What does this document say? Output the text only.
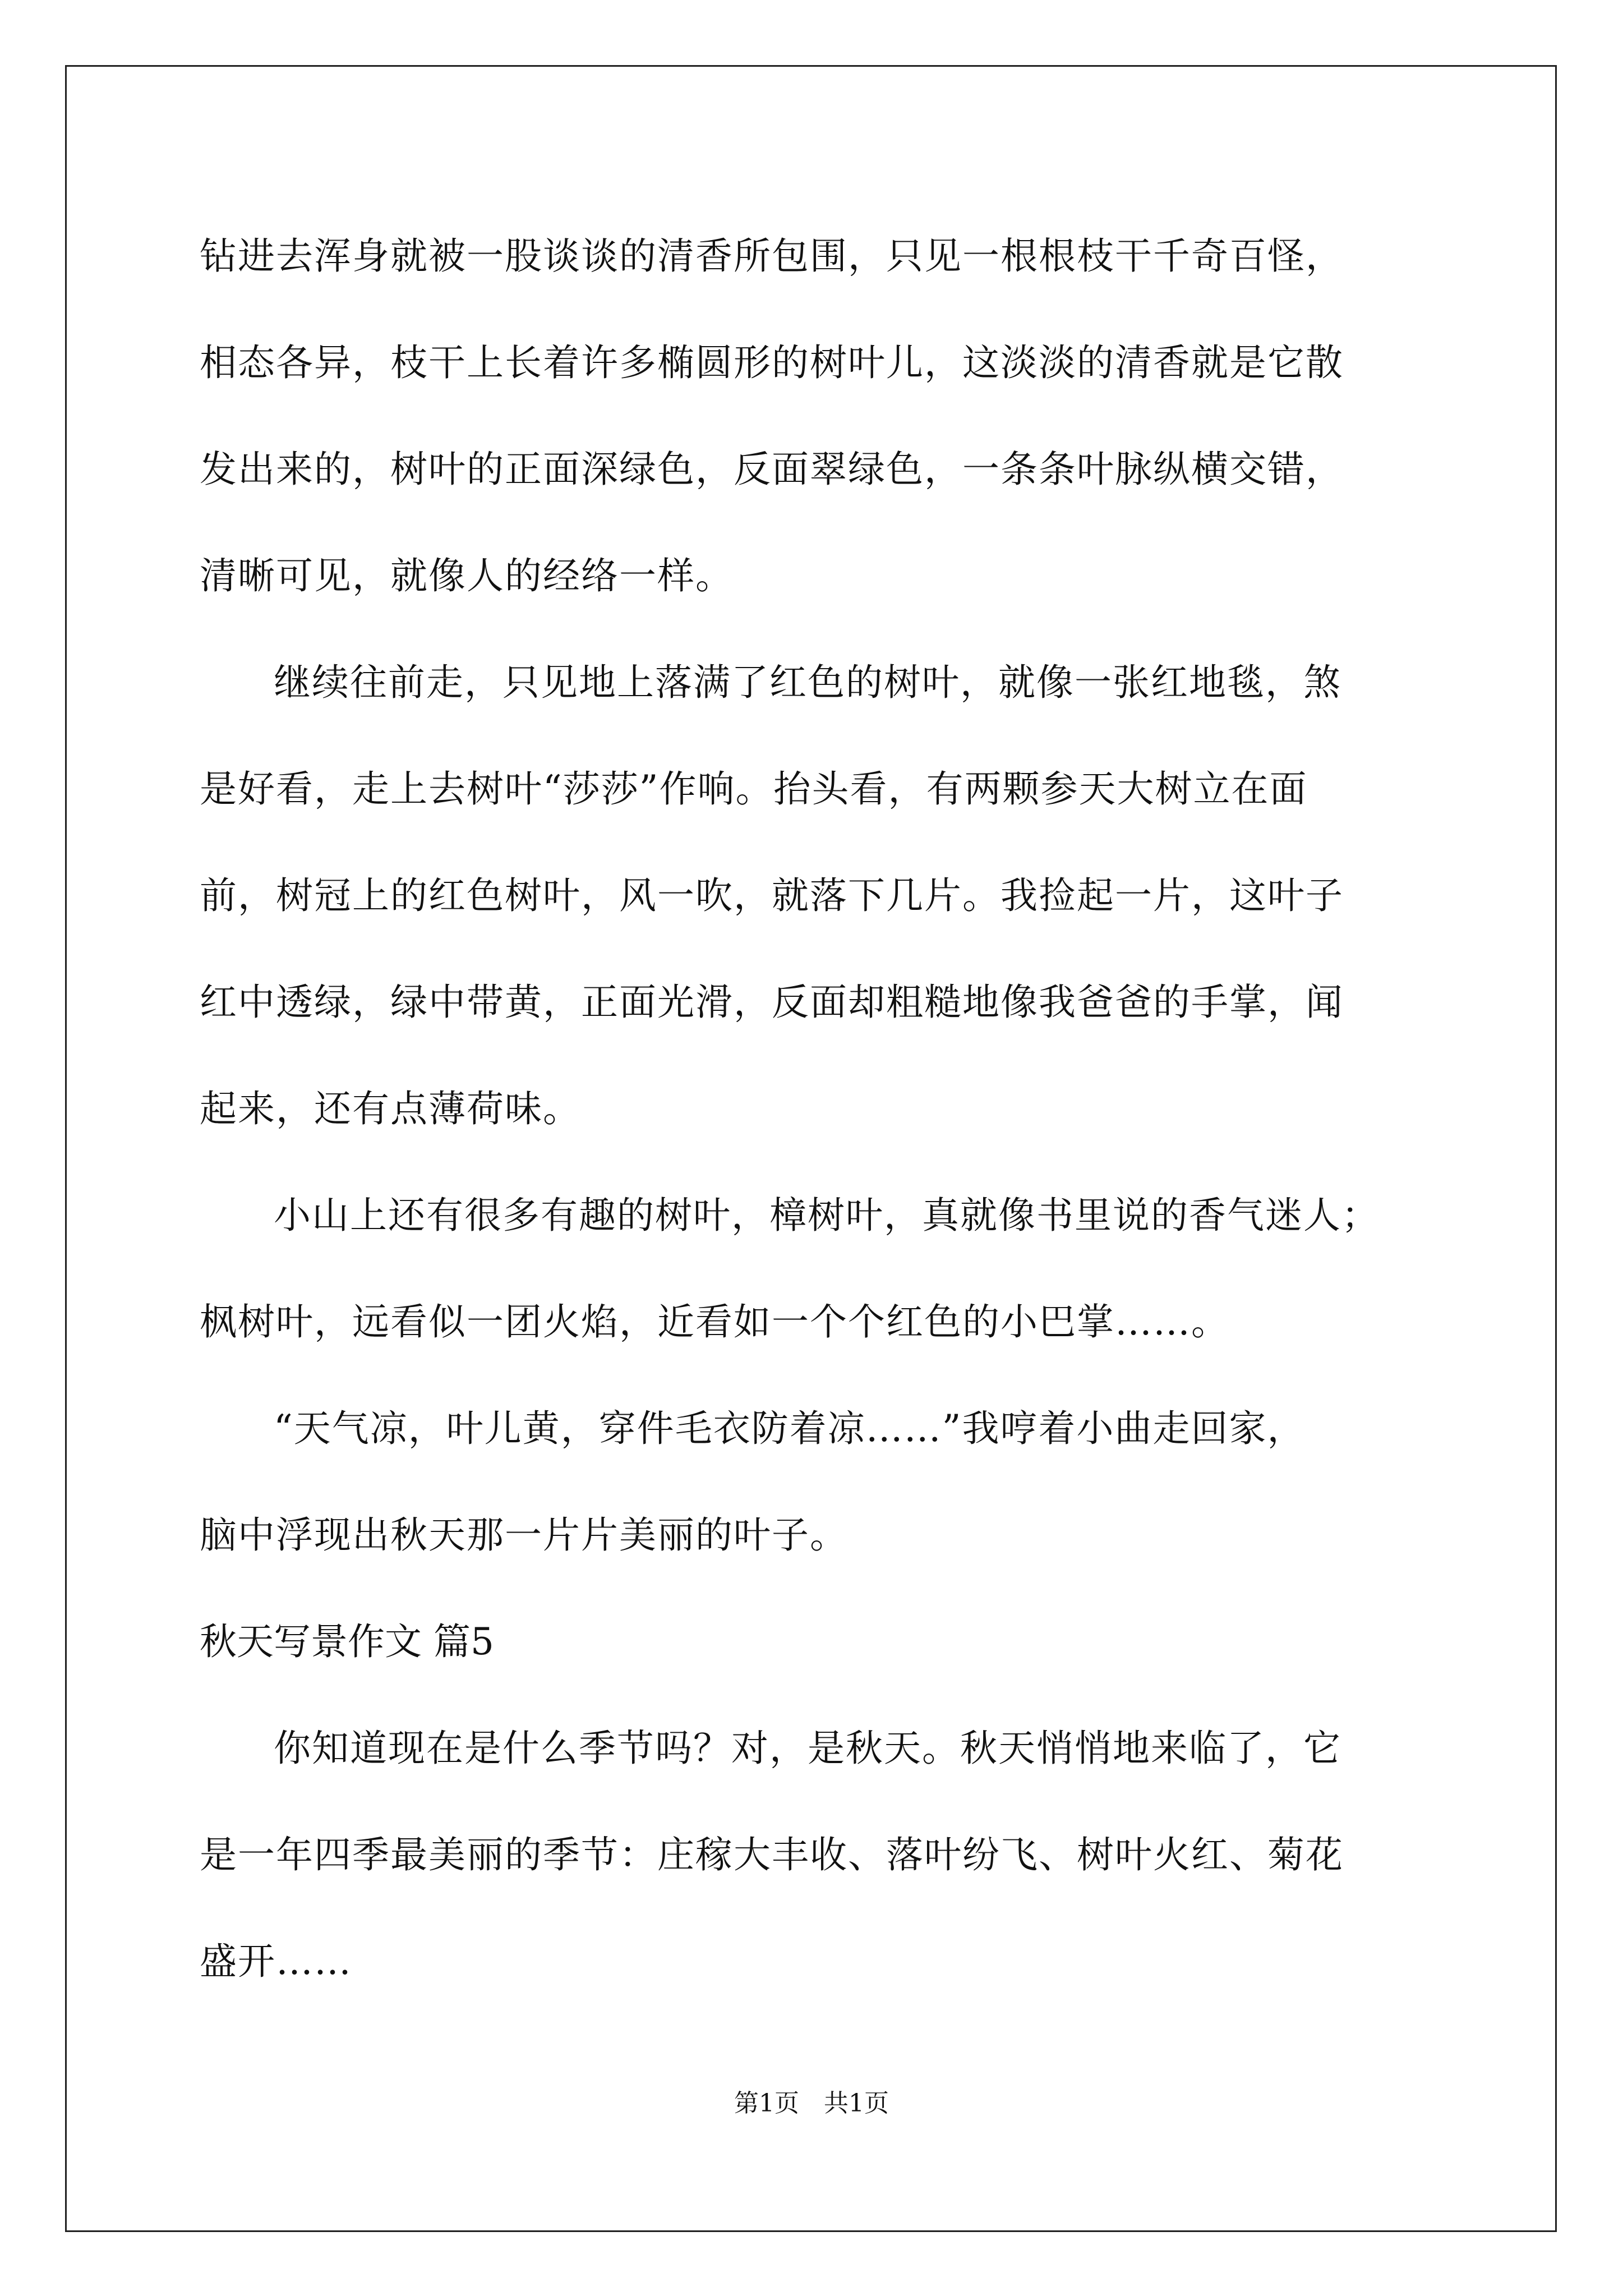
钻进去浑身就被一股谈谈的清香所包围，只见一根根枝干千奇百怪，
相态各异，枝干上长着许多椭圆形的树叶儿，这淡淡的清香就是它散
发出来的，树叶的正面深绿色，反面翠绿色，一条条叶脉纵横交错，
清晰可见，就像人的经络一样。
继续往前走，只见地上落满了红色的树叶，就像一张红地毯，煞
是好看，走上去树叶“莎莎”作响。抬头看，有两颗参天大树立在面
前，树冠上的红色树叶，风一吹，就落下几片。我捡起一片，这叶子
红中透绿，绿中带黄，正面光滑，反面却粗糙地像我爸爸的手掌，闻
起来，还有点薄荷味。
小山上还有很多有趣的树叶，樟树叶，真就像书里说的香气迷人；
枫树叶，远看似一团火焰，近看如一个个红色的小巴掌……。
“天气凉，叶儿黄，穿件毛衣防着凉……”我哼着小曲走回家，
脑中浮现出秋天那一片片美丽的叶子。
秋天写景作文 篇5
你知道现在是什么季节吗？对，是秋天。秋天悄悄地来临了，它
是一年四季最美丽的季节：庄稼大丰收、落叶纷飞、树叶火红、菊花
盛开……
第1页　共1页
